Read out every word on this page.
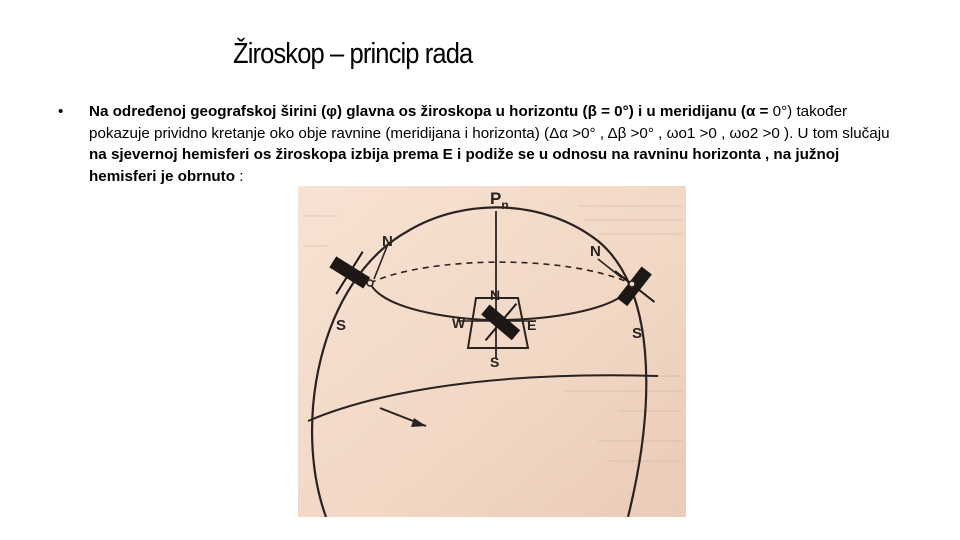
Žiroskop – princip rada
•	Na određenoj geografskoj širini (φ) glavna os žiroskopa u horizontu (β = 0°) i u meridijanu (α = 0°) također pokazuje prividno kretanje oko obje ravnine (meridijana i horizonta) (Δα >0° , Δβ >0° , ωo1 >0 , ωo2 >0 ). U tom slučaju na sjevernoj hemisferi os žiroskopa izbija prema E i podiže se u odnosu na ravninu horizonta , na južnoj hemisferi je obrnuto :
$P_n$
N
S
N
S
N
S
W	E
